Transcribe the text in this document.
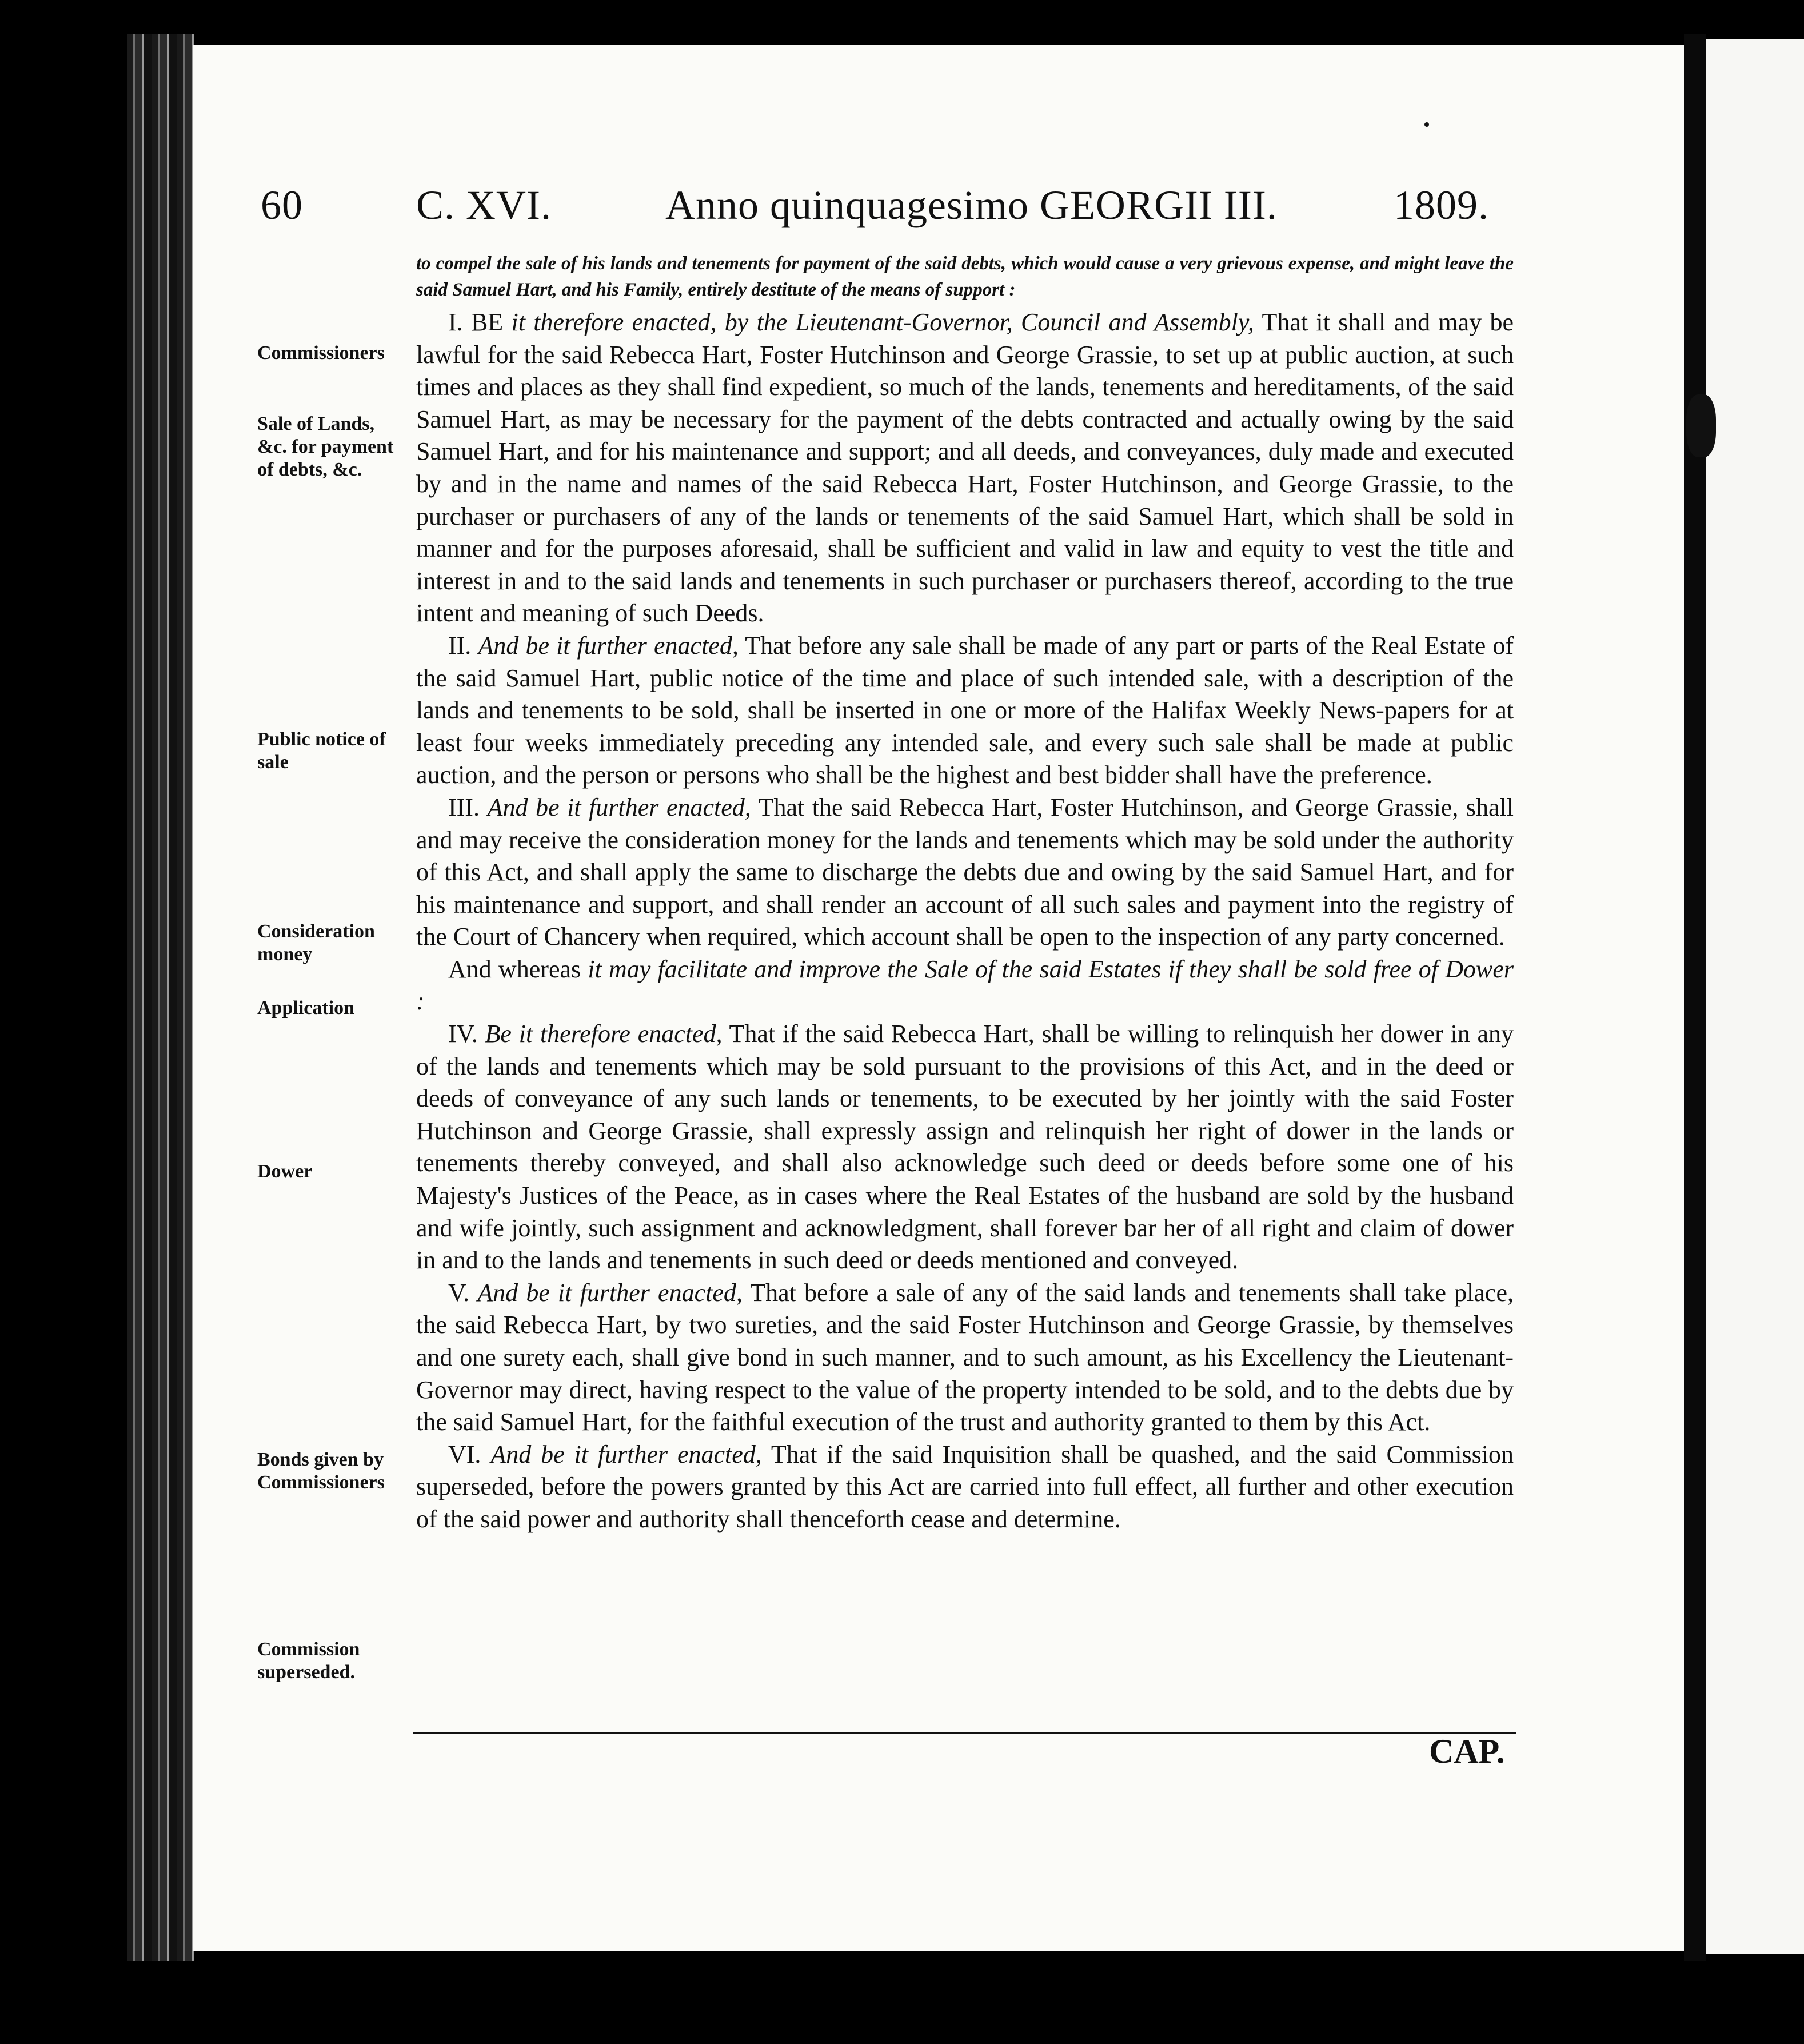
60	C. XVI.	Anno quinquagesimo GEORGII III.	1809.
Commissioners
Sale of Lands, &c. for payment of debts, &c.
Public notice of sale
Consideration money
Application
Dower
Bonds given by Commissioners
Commission superseded.

to compel the sale of his lands and tenements for payment of the said debts, which would cause a very grievous expense, and might leave the said Samuel Hart, and his Family, entirely destitute of the means of support :

I. BE it therefore enacted, by the Lieutenant-Governor, Council and Assembly, That it shall and may be lawful for the said Rebecca Hart, Foster Hutchinson and George Grassie, to set up at public auction, at such times and places as they shall find expedient, so much of the lands, tenements and hereditaments, of the said Samuel Hart, as may be necessary for the payment of the debts contracted and actually owing by the said Samuel Hart, and for his maintenance and support; and all deeds, and conveyances, duly made and executed by and in the name and names of the said Rebecca Hart, Foster Hutchinson, and George Grassie, to the purchaser or purchasers of any of the lands or tenements of the said Samuel Hart, which shall be sold in manner and for the purposes aforesaid, shall be sufficient and valid in law and equity to vest the title and interest in and to the said lands and tenements in such purchaser or purchasers thereof, according to the true intent and meaning of such Deeds.

II. And be it further enacted, That before any sale shall be made of any part or parts of the Real Estate of the said Samuel Hart, public notice of the time and place of such intended sale, with a description of the lands and tenements to be sold, shall be inserted in one or more of the Halifax Weekly News-papers for at least four weeks immediately preceding any intended sale, and every such sale shall be made at public auction, and the person or persons who shall be the highest and best bidder shall have the preference.

III. And be it further enacted, That the said Rebecca Hart, Foster Hutchinson, and George Grassie, shall and may receive the consideration money for the lands and tenements which may be sold under the authority of this Act, and shall apply the same to discharge the debts due and owing by the said Samuel Hart, and for his maintenance and support, and shall render an account of all such sales and payment into the registry of the Court of Chancery when required, which account shall be open to the inspection of any party concerned.

And whereas it may facilitate and improve the Sale of the said Estates if they shall be sold free of Dower :

IV. Be it therefore enacted, That if the said Rebecca Hart, shall be willing to relinquish her dower in any of the lands and tenements which may be sold pursuant to the provisions of this Act, and in the deed or deeds of conveyance of any such lands or tenements, to be executed by her jointly with the said Foster Hutchinson and George Grassie, shall expressly assign and relinquish her right of dower in the lands or tenements thereby conveyed, and shall also acknowledge such deed or deeds before some one of his Majesty's Justices of the Peace, as in cases where the Real Estates of the husband are sold by the husband and wife jointly, such assignment and acknowledgment, shall forever bar her of all right and claim of dower in and to the lands and tenements in such deed or deeds mentioned and conveyed.

V. And be it further enacted, That before a sale of any of the said lands and tenements shall take place, the said Rebecca Hart, by two sureties, and the said Foster Hutchinson and George Grassie, by themselves and one surety each, shall give bond in such manner, and to such amount, as his Excellency the Lieutenant-Governor may direct, having respect to the value of the property intended to be sold, and to the debts due by the said Samuel Hart, for the faithful execution of the trust and authority granted to them by this Act.

VI. And be it further enacted, That if the said Inquisition shall be quashed, and the said Commission superseded, before the powers granted by this Act are carried into full effect, all further and other execution of the said power and authority shall thenceforth cease and determine.

CAP.
